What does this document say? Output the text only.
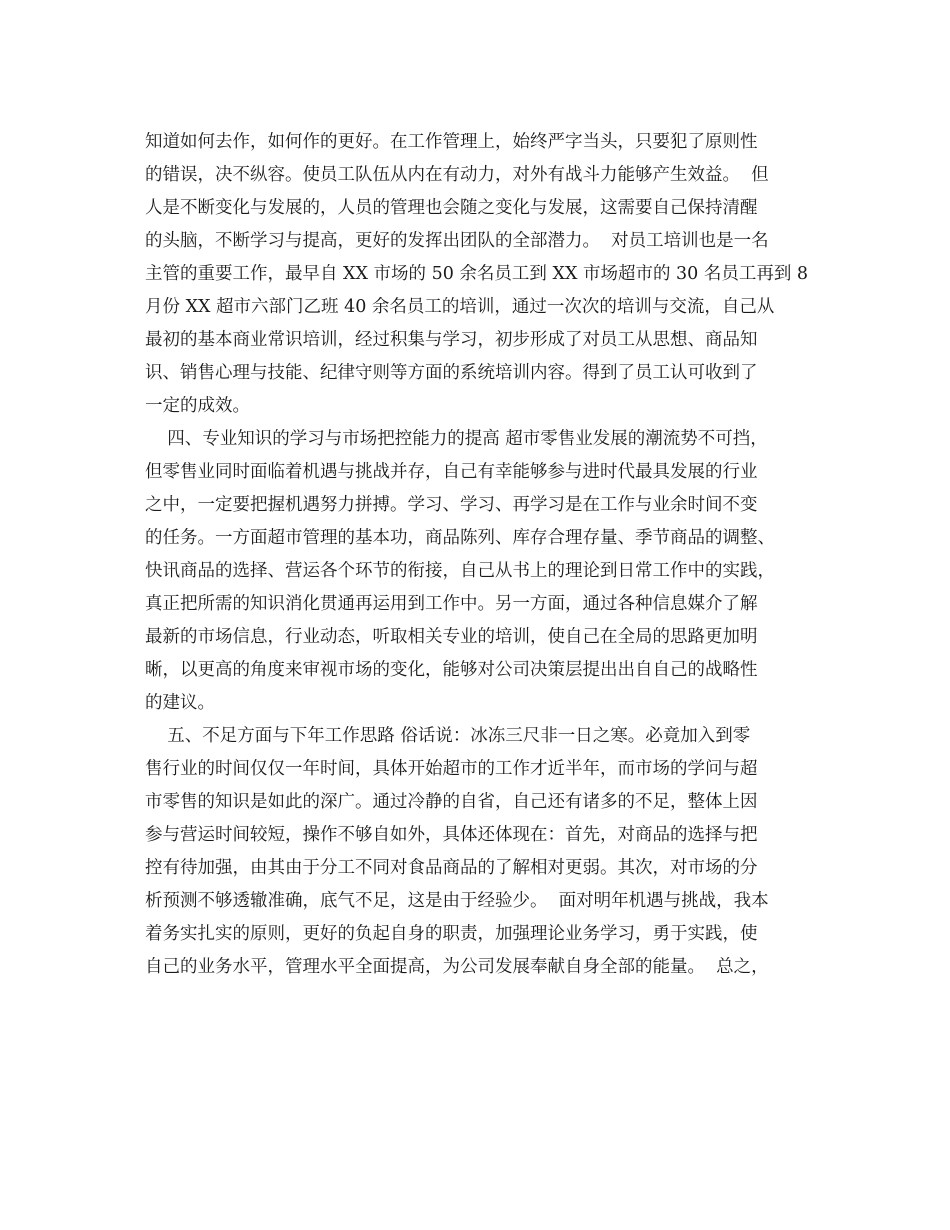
知道如何去作，如何作的更好。在工作管理上，始终严字当头，只要犯了原则性
的错误，决不纵容。使员工队伍从内在有动力，对外有战斗力能够产生效益。  但
人是不断变化与发展的，人员的管理也会随之变化与发展，这需要自己保持清醒
的头脑，不断学习与提高，更好的发挥出团队的全部潜力。  对员工培训也是一名
主管的重要工作，最早自 XX 市场的 50 余名员工到 XX 市场超市的 30 名员工再到 8
月份 XX 超市六部门乙班 40 余名员工的培训，通过一次次的培训与交流，自己从
最初的基本商业常识培训，经过积集与学习，初步形成了对员工从思想、商品知
识、销售心理与技能、纪律守则等方面的系统培训内容。得到了员工认可收到了
一定的成效。
四、专业知识的学习与市场把控能力的提高 超市零售业发展的潮流势不可挡，
但零售业同时面临着机遇与挑战并存，自己有幸能够参与进时代最具发展的行业
之中，一定要把握机遇努力拼搏。学习、学习、再学习是在工作与业余时间不变
的任务。一方面超市管理的基本功，商品陈列、库存合理存量、季节商品的调整、
快讯商品的选择、营运各个环节的衔接，自己从书上的理论到日常工作中的实践，
真正把所需的知识消化贯通再运用到工作中。另一方面，通过各种信息媒介了解
最新的市场信息，行业动态，听取相关专业的培训，使自己在全局的思路更加明
晰，以更高的角度来审视市场的变化，能够对公司决策层提出出自自己的战略性
的建议。
五、不足方面与下年工作思路 俗话说：冰冻三尺非一日之寒。必竟加入到零
售行业的时间仅仅一年时间，具体开始超市的工作才近半年，而市场的学问与超
市零售的知识是如此的深广。通过冷静的自省，自己还有诸多的不足，整体上因
参与营运时间较短，操作不够自如外，具体还体现在：首先，对商品的选择与把
控有待加强，由其由于分工不同对食品商品的了解相对更弱。其次，对市场的分
析预测不够透辙准确，底气不足，这是由于经验少。  面对明年机遇与挑战，我本
着务实扎实的原则，更好的负起自身的职责，加强理论业务学习，勇于实践，使
自己的业务水平，管理水平全面提高，为公司发展奉献自身全部的能量。  总之，
